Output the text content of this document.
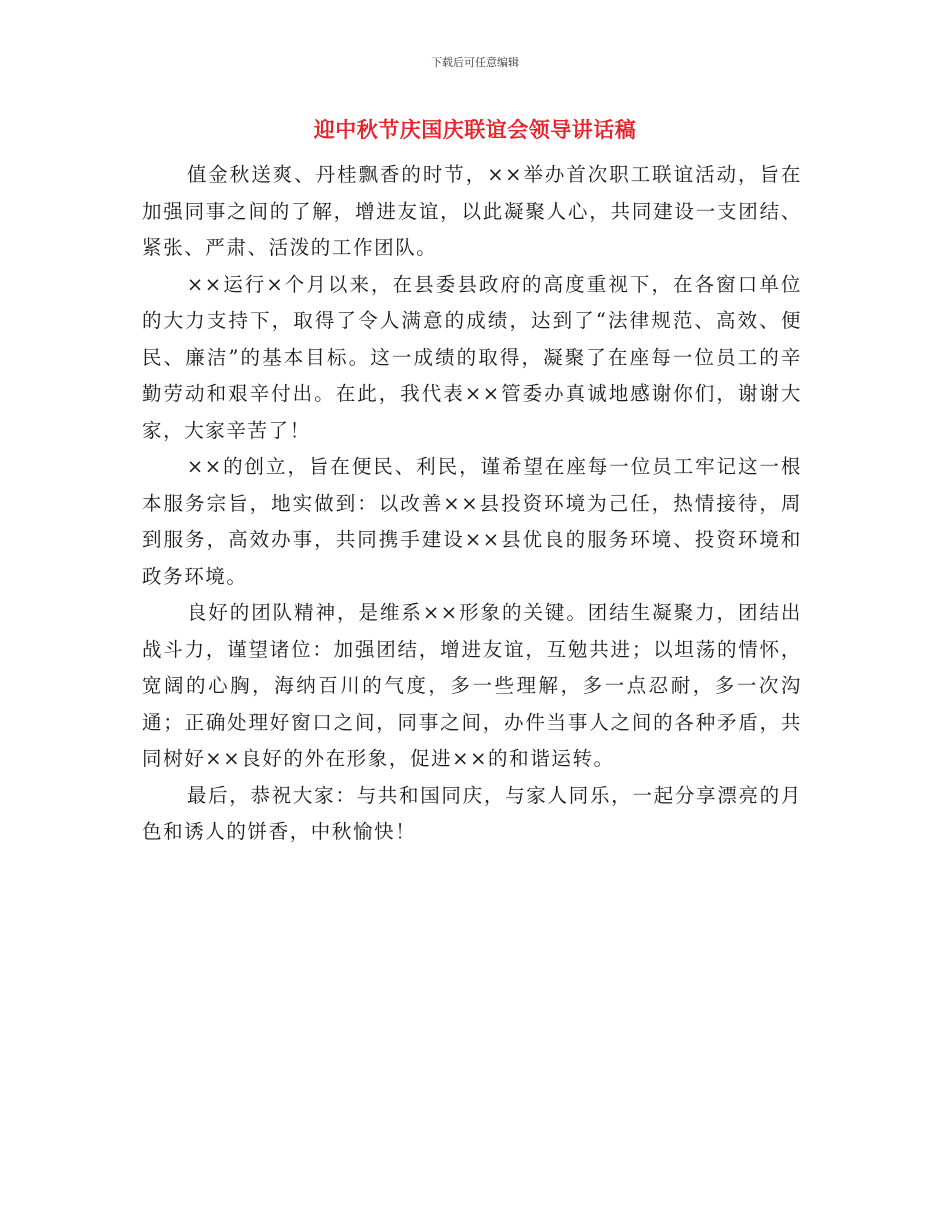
下载后可任意编辑
迎中秋节庆国庆联谊会领导讲话稿

值金秋送爽、丹桂飘香的时节，××举办首次职工联谊活动，旨在加强同事之间的了解，增进友谊，以此凝聚人心，共同建设一支团结、紧张、严肃、活泼的工作团队。

××运行×个月以来，在县委县政府的高度重视下，在各窗口单位的大力支持下，取得了令人满意的成绩，达到了“法律规范、高效、便民、廉洁”的基本目标。这一成绩的取得，凝聚了在座每一位员工的辛勤劳动和艰辛付出。在此，我代表××管委办真诚地感谢你们，谢谢大家，大家辛苦了！

××的创立，旨在便民、利民，谨希望在座每一位员工牢记这一根本服务宗旨，地实做到：以改善××县投资环境为己任，热情接待，周到服务，高效办事，共同携手建设××县优良的服务环境、投资环境和政务环境。

良好的团队精神，是维系××形象的关键。团结生凝聚力，团结出战斗力，谨望诸位：加强团结，增进友谊，互勉共进；以坦荡的情怀，宽阔的心胸，海纳百川的气度，多一些理解，多一点忍耐，多一次沟通；正确处理好窗口之间，同事之间，办件当事人之间的各种矛盾，共同树好××良好的外在形象，促进××的和谐运转。

最后，恭祝大家：与共和国同庆，与家人同乐，一起分享漂亮的月色和诱人的饼香，中秋愉快！
